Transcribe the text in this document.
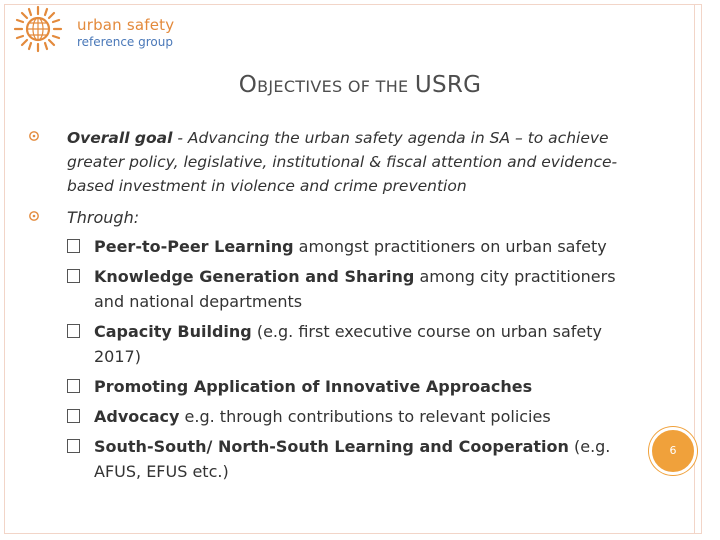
urban safety
reference group
OBJECTIVES OF THE USRG
Overall goal - Advancing the urban safety agenda in SA – to achieve greater policy, legislative, institutional & fiscal attention and evidence-based investment in violence and crime prevention
Through:
Peer-to-Peer Learning amongst practitioners on urban safety
Knowledge Generation and Sharing among city practitioners and national departments
Capacity Building (e.g. first executive course on urban safety 2017)
Promoting Application of Innovative Approaches
Advocacy e.g. through contributions to relevant policies
South-South/ North-South Learning and Cooperation (e.g. AFUS, EFUS etc.)
6
